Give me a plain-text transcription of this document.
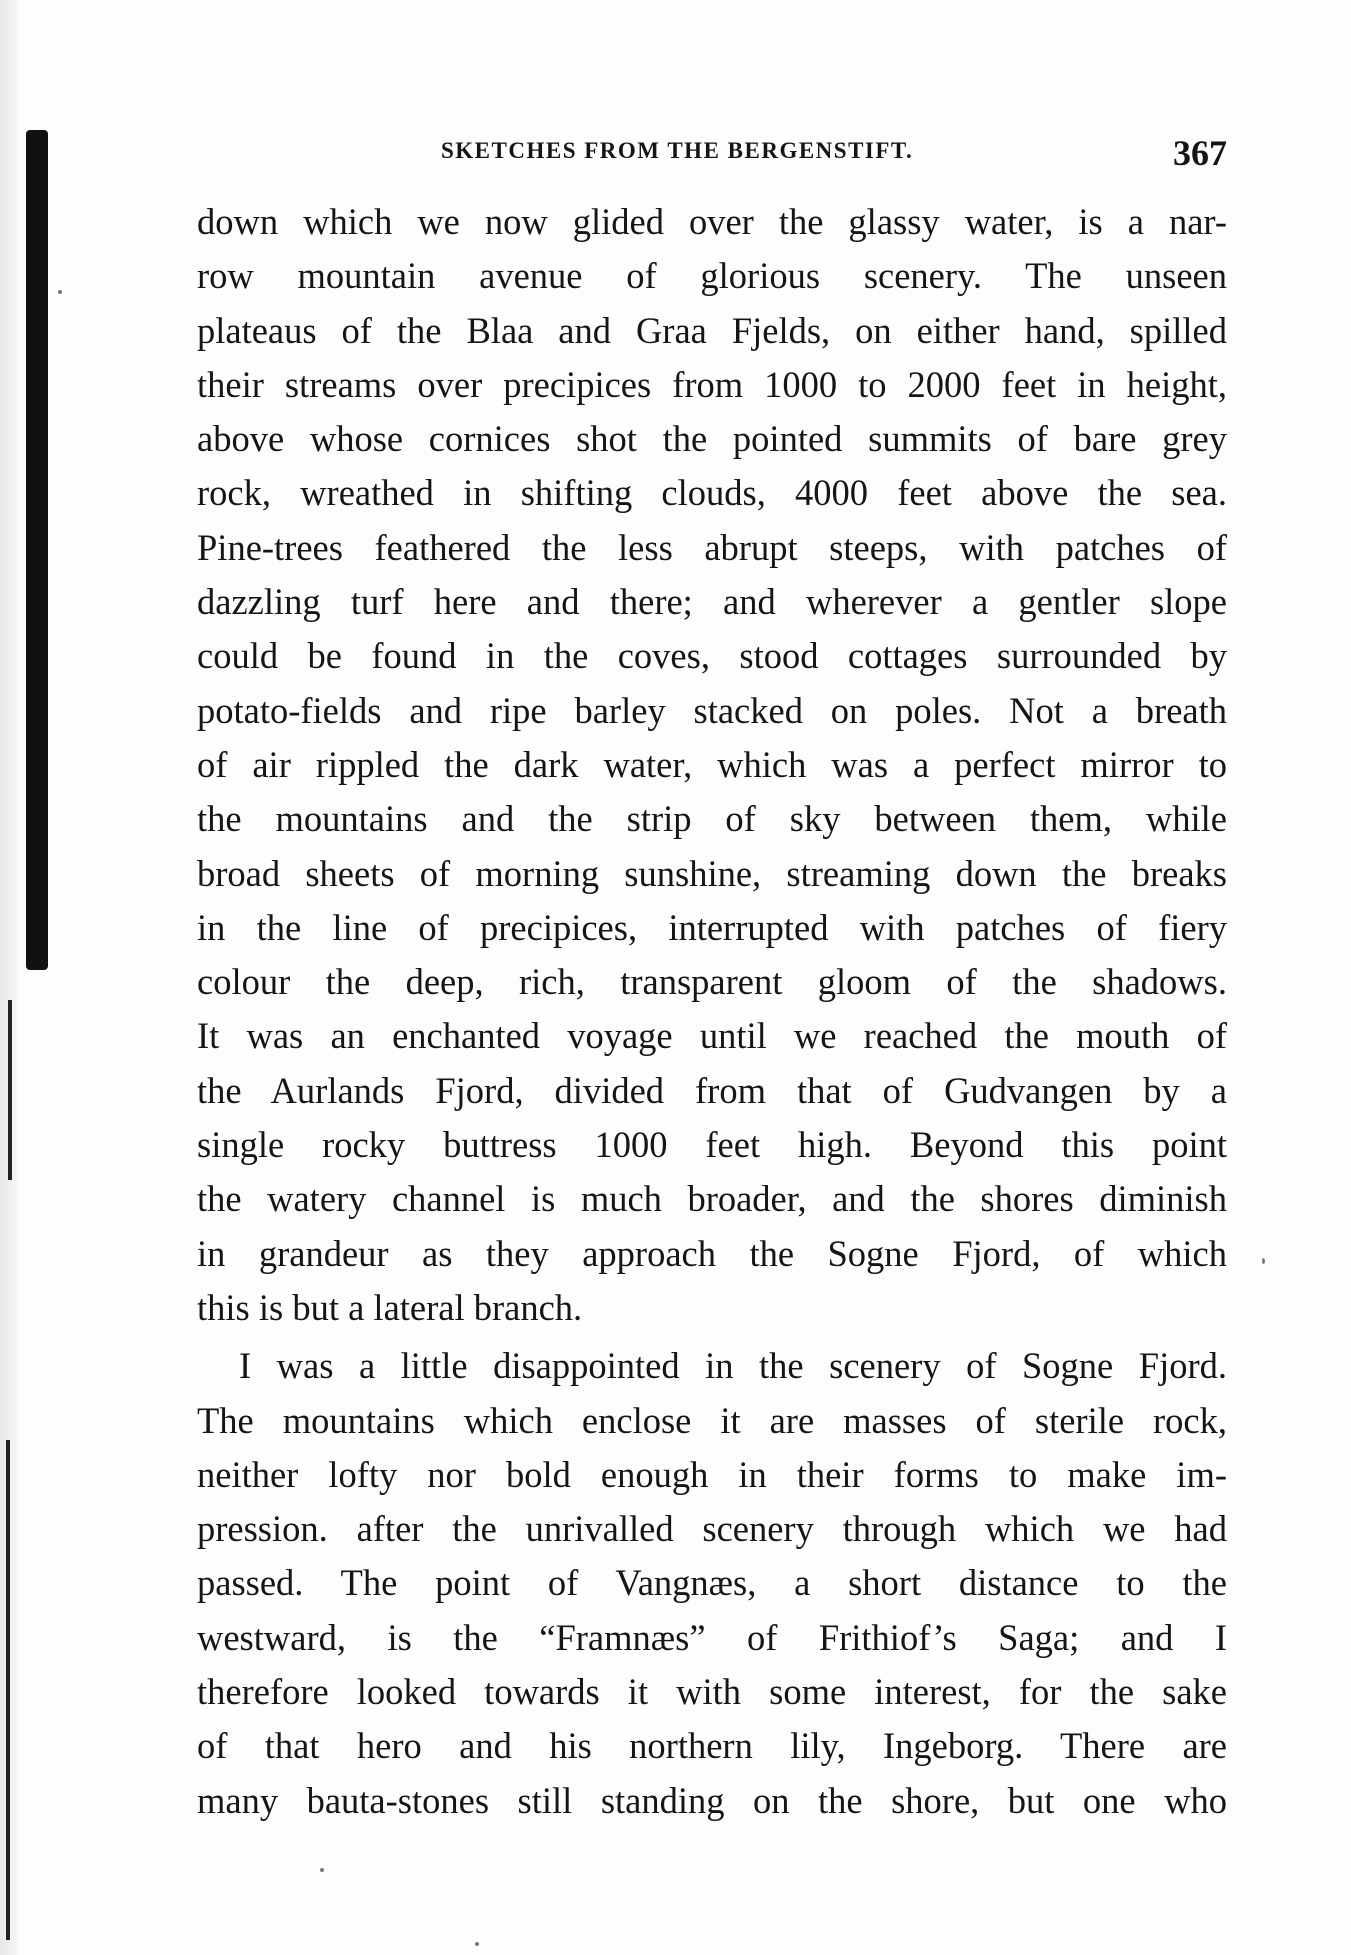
SKETCHES FROM THE BERGENSTIFT.	367
down which we now glided over the glassy water, is a nar-
row mountain avenue of glorious scenery. The unseen
plateaus of the Blaa and Graa Fjelds, on either hand, spilled
their streams over precipices from 1000 to 2000 feet in height,
above whose cornices shot the pointed summits of bare grey
rock, wreathed in shifting clouds, 4000 feet above the sea.
Pine-trees feathered the less abrupt steeps, with patches of
dazzling turf here and there; and wherever a gentler slope
could be found in the coves, stood cottages surrounded by
potato-fields and ripe barley stacked on poles. Not a breath
of air rippled the dark water, which was a perfect mirror to
the mountains and the strip of sky between them, while
broad sheets of morning sunshine, streaming down the breaks
in the line of precipices, interrupted with patches of fiery
colour the deep, rich, transparent gloom of the shadows.
It was an enchanted voyage until we reached the mouth of
the Aurlands Fjord, divided from that of Gudvangen by a
single rocky buttress 1000 feet high. Beyond this point
the watery channel is much broader, and the shores diminish
in grandeur as they approach the Sogne Fjord, of which
this is but a lateral branch.
I was a little disappointed in the scenery of Sogne Fjord.
The mountains which enclose it are masses of sterile rock,
neither lofty nor bold enough in their forms to make im-
pression. after the unrivalled scenery through which we had
passed. The point of Vangnæs, a short distance to the
westward, is the “Framnæs” of Frithiof’s Saga; and I
therefore looked towards it with some interest, for the sake
of that hero and his northern lily, Ingeborg. There are
many bauta-stones still standing on the shore, but one who
